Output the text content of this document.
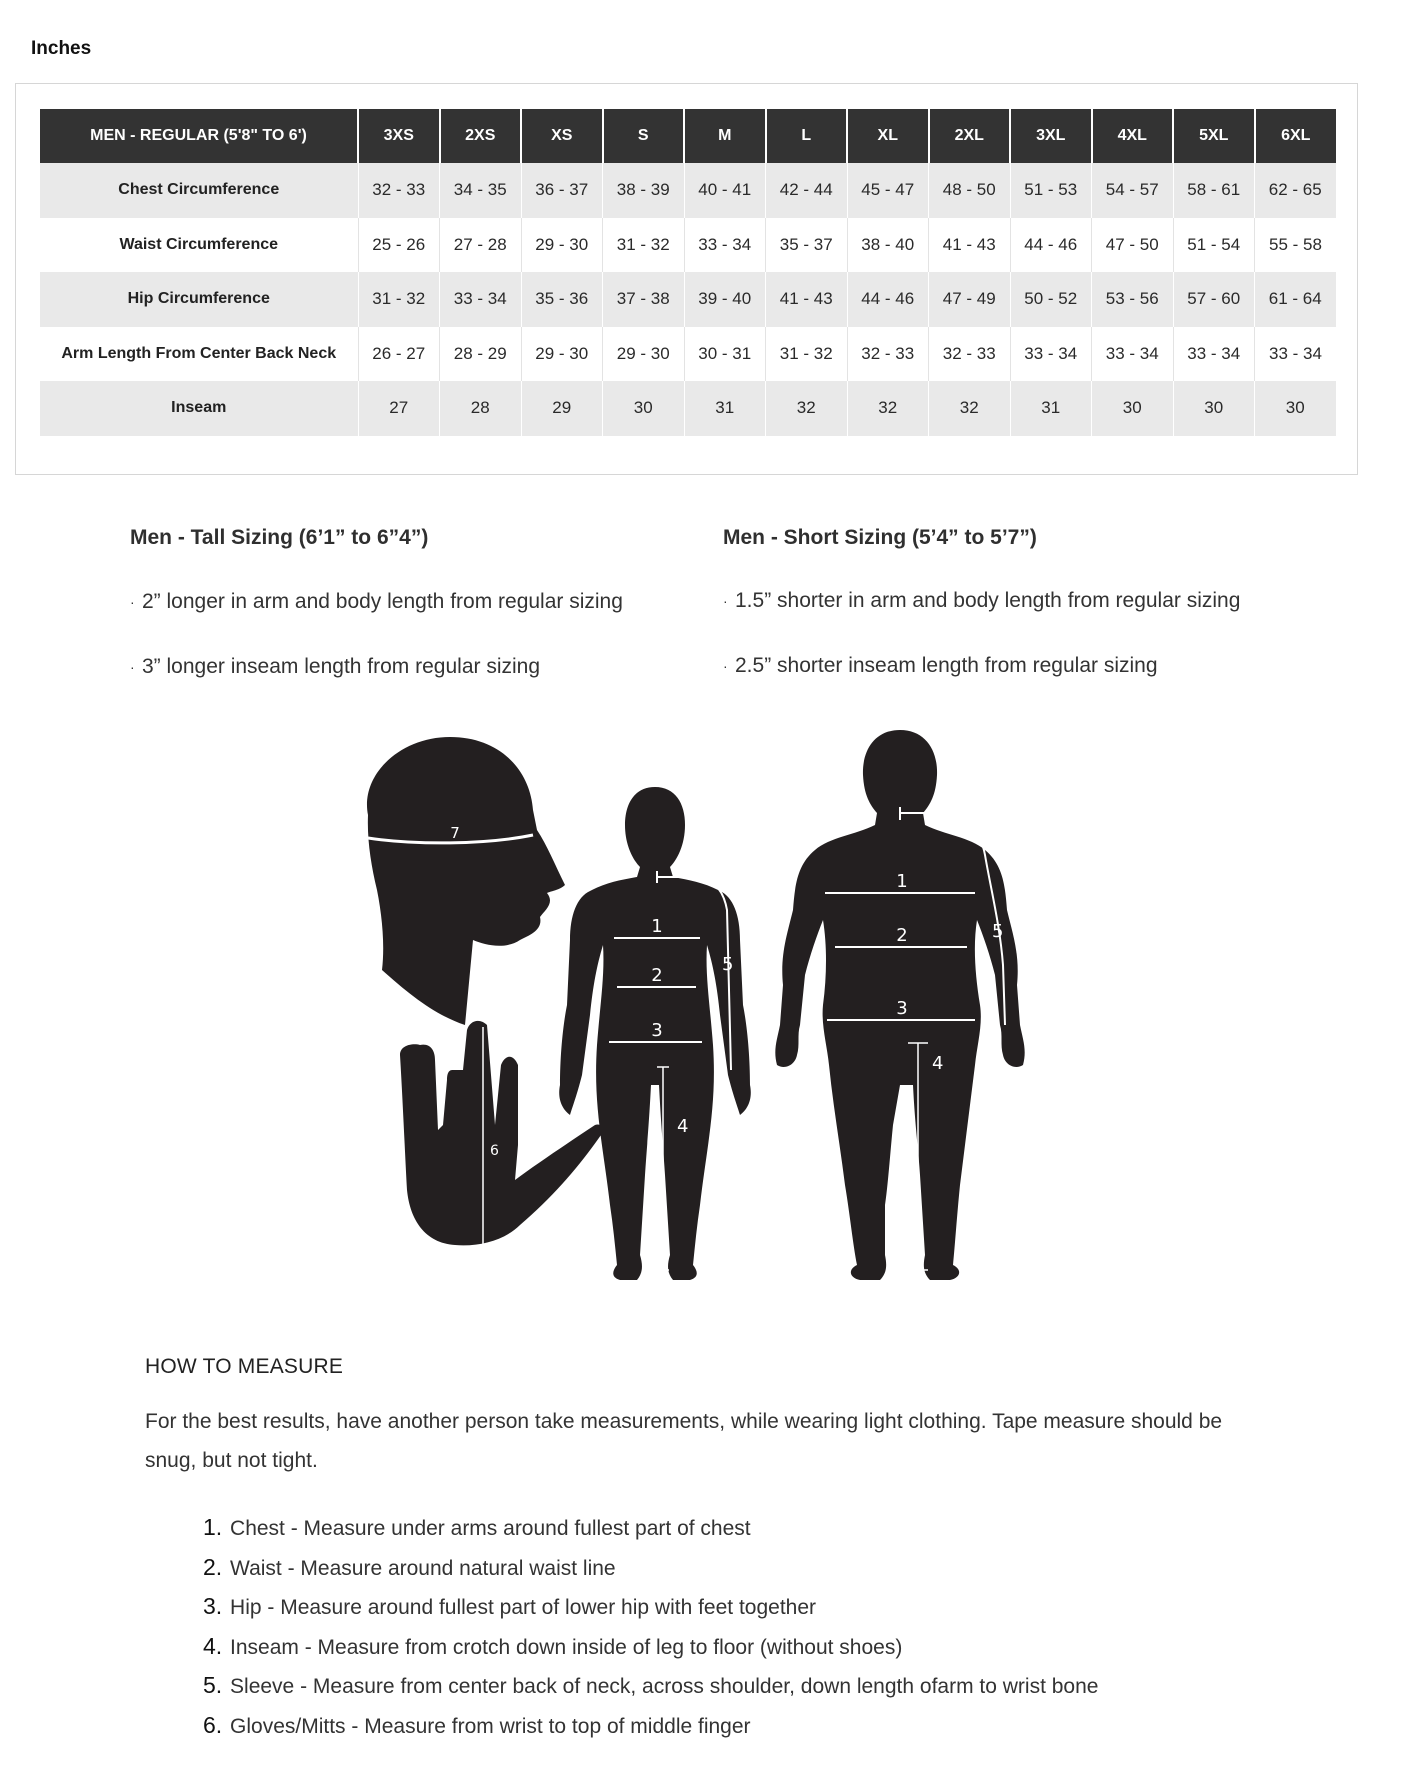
Inches
MEN - REGULAR (5'8" TO 6')	3XS	2XS	XS	S	M	L	XL	2XL	3XL	4XL	5XL	6XL
Chest Circumference	32 - 33	34 - 35	36 - 37	38 - 39	40 - 41	42 - 44	45 - 47	48 - 50	51 - 53	54 - 57	58 - 61	62 - 65
Waist Circumference	25 - 26	27 - 28	29 - 30	31 - 32	33 - 34	35 - 37	38 - 40	41 - 43	44 - 46	47 - 50	51 - 54	55 - 58
Hip Circumference	31 - 32	33 - 34	35 - 36	37 - 38	39 - 40	41 - 43	44 - 46	47 - 49	50 - 52	53 - 56	57 - 60	61 - 64
Arm Length From Center Back Neck	26 - 27	28 - 29	29 - 30	29 - 30	30 - 31	31 - 32	32 - 33	32 - 33	33 - 34	33 - 34	33 - 34	33 - 34
Inseam	27	28	29	30	31	32	32	32	31	30	30	30
Men - Tall Sizing (6’1” to 6”4”)

· 2” longer in arm and body length from regular sizing

· 3” longer inseam length from regular sizing

Men - Short Sizing (5’4” to 5’7”)

· 1.5” shorter in arm and body length from regular sizing

· 2.5” shorter inseam length from regular sizing

7
6
1
2
3
4
5
1
2
3
4
5
HOW TO MEASURE
For the best results, have another person take measurements, while wearing light clothing. Tape measure should be snug, but not tight.
1. Chest - Measure under arms around fullest part of chest
2. Waist - Measure around natural waist line
3. Hip - Measure around fullest part of lower hip with feet together
4. Inseam - Measure from crotch down inside of leg to floor (without shoes)
5. Sleeve - Measure from center back of neck, across shoulder, down length ofarm to wrist bone
6. Gloves/Mitts - Measure from wrist to top of middle finger
